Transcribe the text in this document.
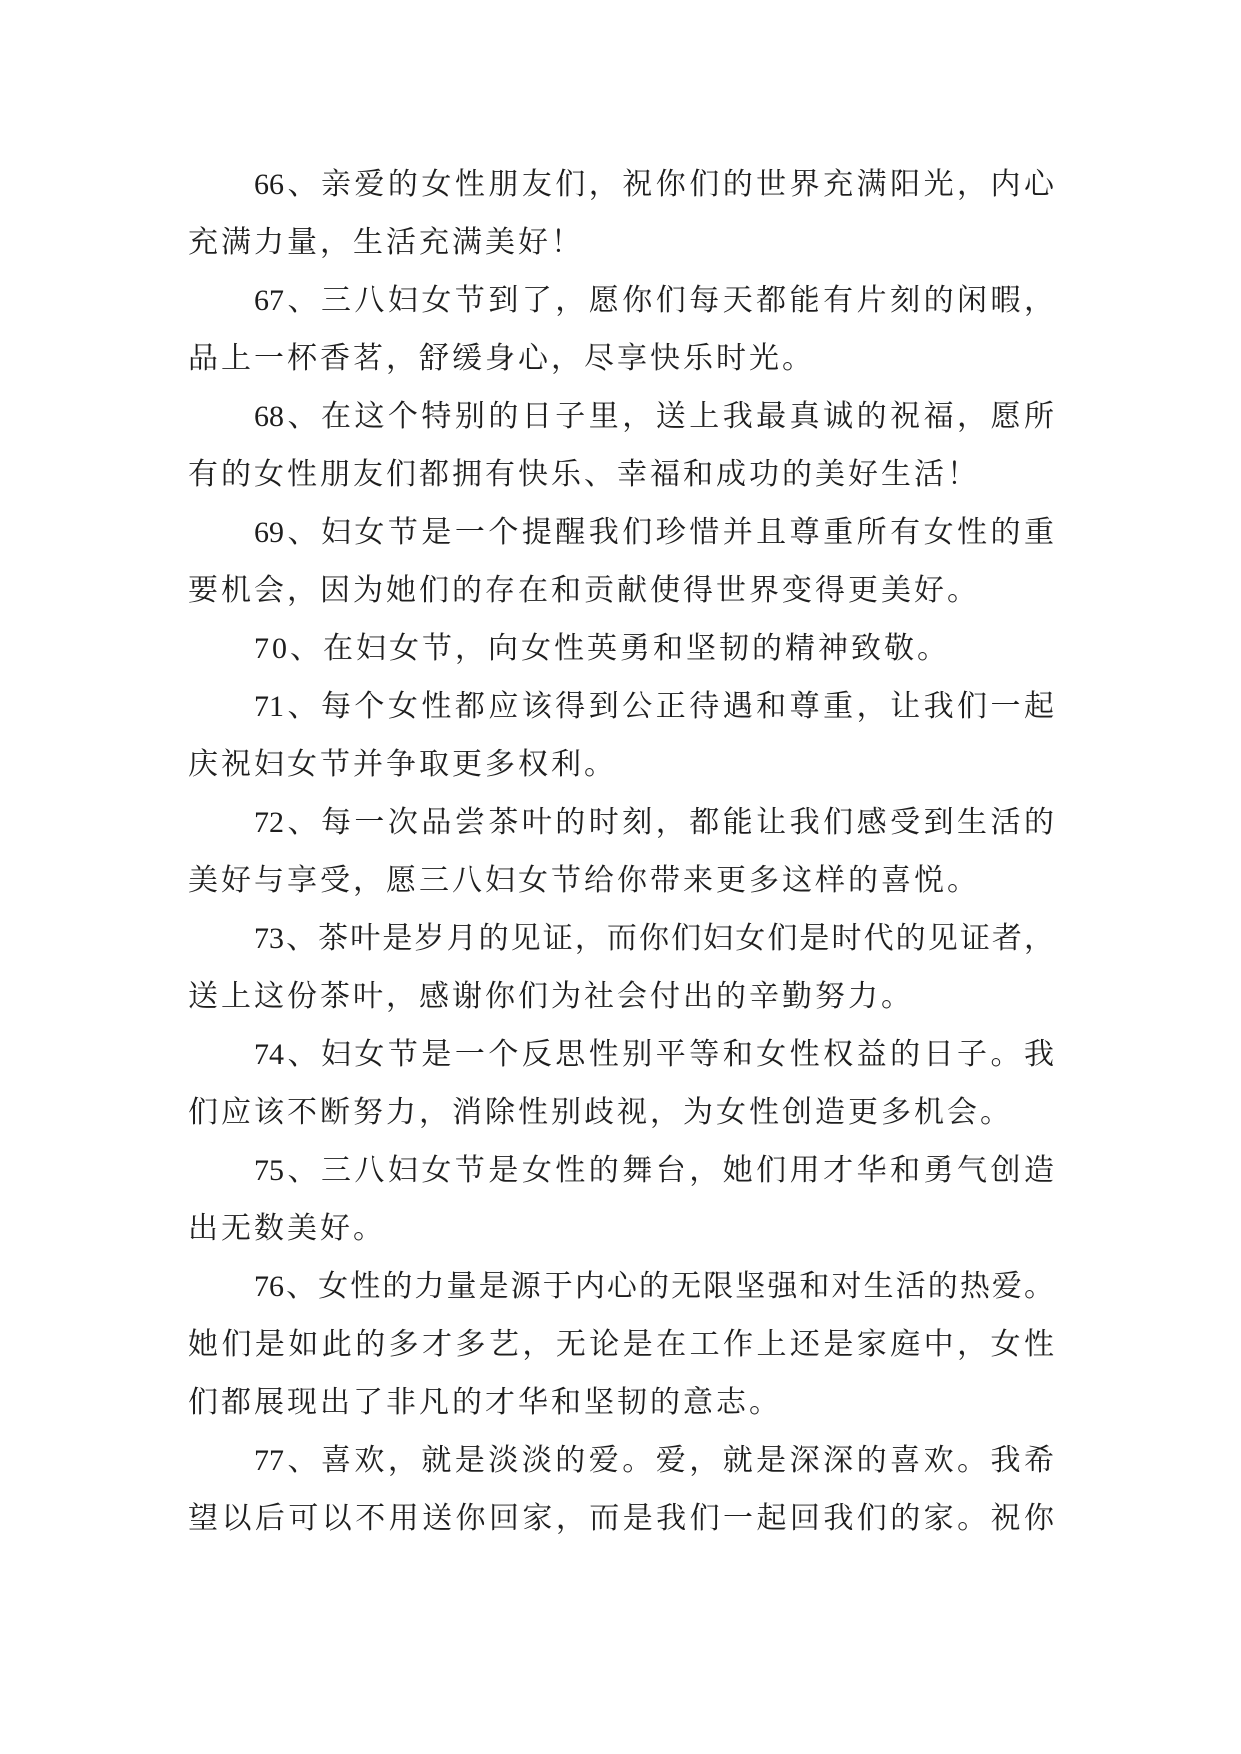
66、亲爱的女性朋友们，祝你们的世界充满阳光，内心
充满力量，生活充满美好！
67、三八妇女节到了，愿你们每天都能有片刻的闲暇，
品上一杯香茗，舒缓身心，尽享快乐时光。
68、在这个特别的日子里，送上我最真诚的祝福，愿所
有的女性朋友们都拥有快乐、幸福和成功的美好生活！
69、妇女节是一个提醒我们珍惜并且尊重所有女性的重
要机会，因为她们的存在和贡献使得世界变得更美好。
70、在妇女节，向女性英勇和坚韧的精神致敬。
71、每个女性都应该得到公正待遇和尊重，让我们一起
庆祝妇女节并争取更多权利。
72、每一次品尝茶叶的时刻，都能让我们感受到生活的
美好与享受，愿三八妇女节给你带来更多这样的喜悦。
73、茶叶是岁月的见证，而你们妇女们是时代的见证者，
送上这份茶叶，感谢你们为社会付出的辛勤努力。
74、妇女节是一个反思性别平等和女性权益的日子。我
们应该不断努力，消除性别歧视，为女性创造更多机会。
75、三八妇女节是女性的舞台，她们用才华和勇气创造
出无数美好。
76、女性的力量是源于内心的无限坚强和对生活的热爱。
她们是如此的多才多艺，无论是在工作上还是家庭中，女性
们都展现出了非凡的才华和坚韧的意志。
77、喜欢，就是淡淡的爱。爱，就是深深的喜欢。我希
望以后可以不用送你回家，而是我们一起回我们的家。祝你
